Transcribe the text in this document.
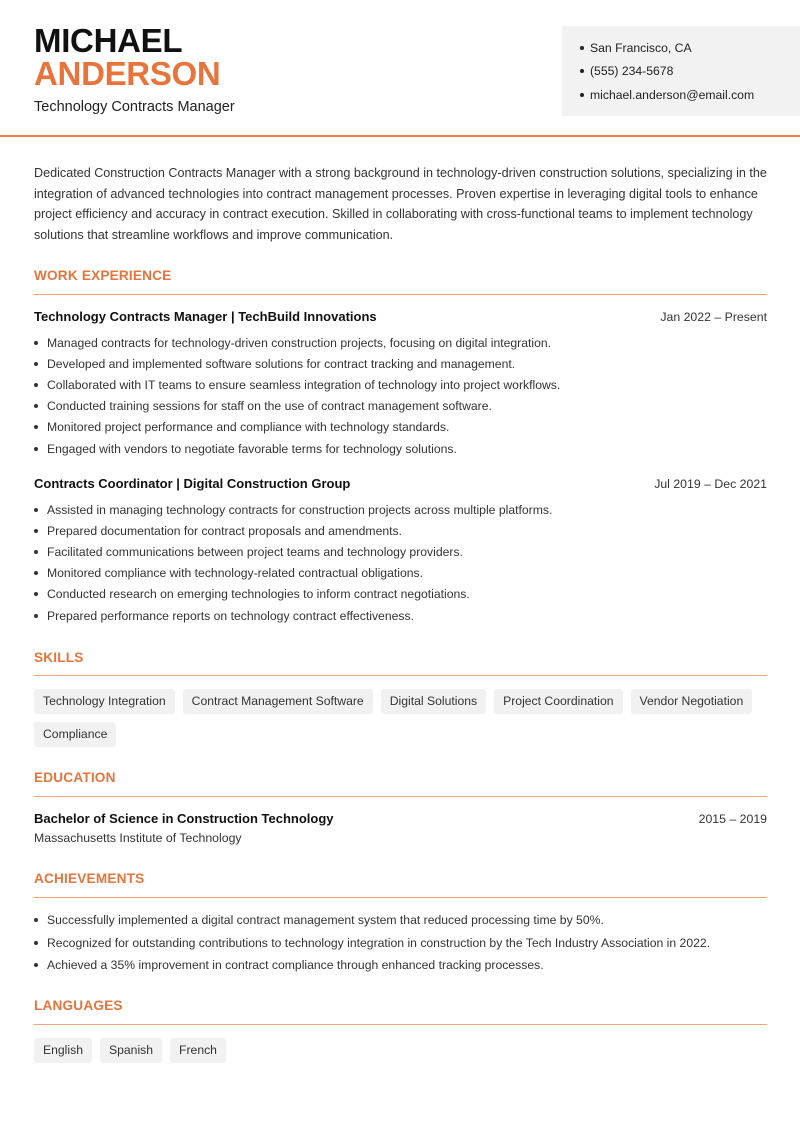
MICHAEL
ANDERSON
Technology Contracts Manager
San Francisco, CA
(555) 234-5678
michael.anderson@email.com

Dedicated Construction Contracts Manager with a strong background in technology-driven construction solutions, specializing in the integration of advanced technologies into contract management processes. Proven expertise in leveraging digital tools to enhance project efficiency and accuracy in contract execution. Skilled in collaborating with cross-functional teams to implement technology solutions that streamline workflows and improve communication.

WORK EXPERIENCE
Technology Contracts Manager | TechBuild Innovations	Jan 2022 – Present
Managed contracts for technology-driven construction projects, focusing on digital integration.
Developed and implemented software solutions for contract tracking and management.
Collaborated with IT teams to ensure seamless integration of technology into project workflows.
Conducted training sessions for staff on the use of contract management software.
Monitored project performance and compliance with technology standards.
Engaged with vendors to negotiate favorable terms for technology solutions.
Contracts Coordinator | Digital Construction Group	Jul 2019 – Dec 2021
Assisted in managing technology contracts for construction projects across multiple platforms.
Prepared documentation for contract proposals and amendments.
Facilitated communications between project teams and technology providers.
Monitored compliance with technology-related contractual obligations.
Conducted research on emerging technologies to inform contract negotiations.
Prepared performance reports on technology contract effectiveness.
SKILLS
Technology Integration	Contract Management Software	Digital Solutions	Project Coordination	Vendor Negotiation
Compliance
EDUCATION
Bachelor of Science in Construction Technology	2015 – 2019
Massachusetts Institute of Technology
ACHIEVEMENTS
Successfully implemented a digital contract management system that reduced processing time by 50%.
Recognized for outstanding contributions to technology integration in construction by the Tech Industry Association in 2022.
Achieved a 35% improvement in contract compliance through enhanced tracking processes.
LANGUAGES
English	Spanish	French
